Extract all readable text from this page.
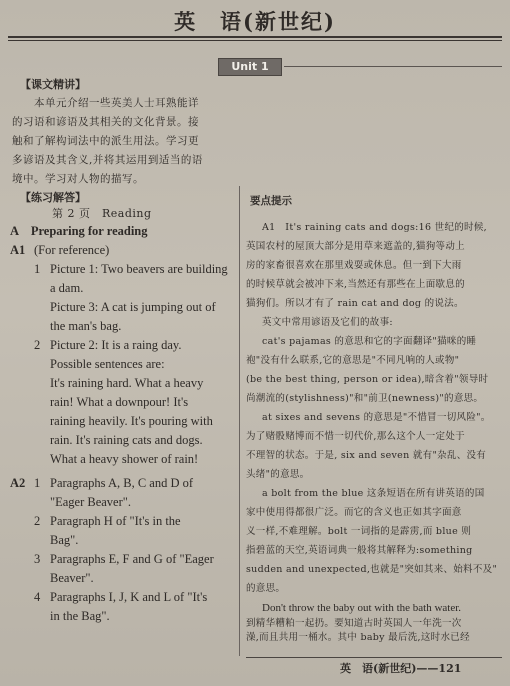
英　语(新世纪)
Unit 1
【课文精讲】
本单元介绍一些英美人士耳熟能详
的习语和谚语及其相关的文化背景。接
触和了解构词法中的派生用法。学习更
多谚语及其含义,并将其运用到适当的语
境中。学习对人物的描写。
【练习解答】
第 2 页　Reading
A　Preparing for reading
A1 (For reference)
1 Picture 1: Two beavers are building
a dam.
Picture 3: A cat is jumping out of
the man's bag.
2 Picture 2: It is a raing day.
Possible sentences are:
It's raining hard. What a heavy
rain! What a downpour! It's
raining heavily. It's pouring with
rain. It's raining cats and dogs.
What a heavy shower of rain!
A2 1 Paragraphs A, B, C and D of
"Eager Beaver".
2 Paragraph H of "It's in the
Bag".
3 Paragraphs E, F and G of "Eager
Beaver".
4 Paragraphs I, J, K and L of "It's
in the Bag".
要点提示
A1　It's raining cats and dogs:16 世纪的时候,
英国农村的屋顶大部分是用草来遮盖的,猫狗等动上
房的家畜很喜欢在那里戏耍或休息。但一到下大雨
的时候草就会被冲下来,当然还有那些在上面歇息的
猫狗们。所以才有了 rain cat and dog 的说法。
英文中常用谚语及它们的故事:
cat's pajamas 的意思和它的字面翻译"猫咪的睡
袍"没有什么联系,它的意思是"不同凡响的人或物"
(be the best thing, person or idea),暗含着"领导时
尚潮流的(stylishness)"和"前卫(newness)"的意思。
at sixes and sevens 的意思是"不惜冒一切风险"。
为了赌骰赌博而不惜一切代价,那么这个人一定处于
不理智的状态。于是, six and seven 就有"杂乱、没有
头绪"的意思。
a bolt from the blue 这条短语在所有讲英语的国
家中使用得都很广泛。而它的含义也正如其字面意
义一样,不难理解。bolt 一词指的是霹雳,而 blue 则
指碧蓝的天空,英语词典一般将其解释为:something
sudden and unexpected,也就是"突如其来、始料不及"
的意思。
Don't throw the baby out with the bath water.
到精华糟粕一起扔。要知道古时英国人一年洗一次
澡,而且共用一桶水。其中 baby 最后洗,这时水已经
英　语(新世纪)——121
